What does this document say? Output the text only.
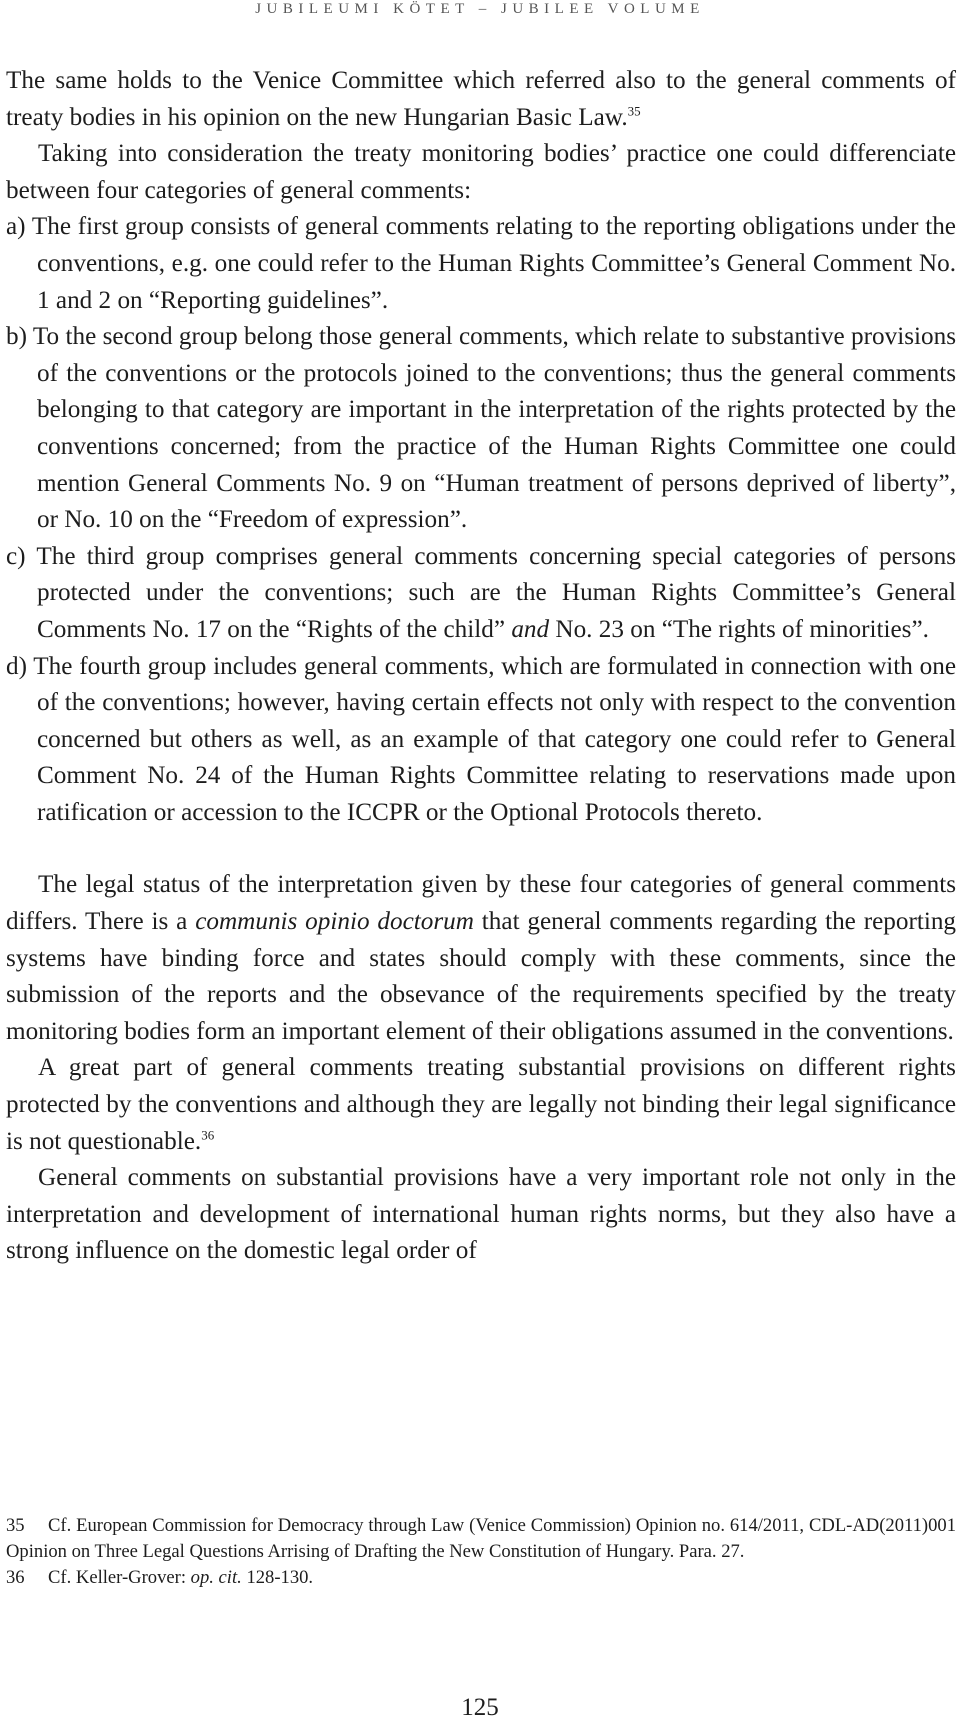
JUBILEUMI KÖTET – JUBILEE VOLUME

The same holds to the Venice Committee which referred also to the general comments of treaty bodies in his opinion on the new Hungarian Basic Law.$^{35}$

Taking into consideration the treaty monitoring bodies’ practice one could differenciate between four categories of general comments:

a) The first group consists of general comments relating to the reporting obligations under the conventions, e.g. one could refer to the Human Rights Committee’s General Comment No. 1 and 2 on “Reporting guidelines”.

b) To the second group belong those general comments, which relate to substantive provisions of the conventions or the protocols joined to the conventions; thus the general comments belonging to that category are important in the interpretation of the rights protected by the conventions concerned; from the practice of the Human Rights Committee one could mention General Comments No. 9 on “Human treatment of persons deprived of liberty”, or No. 10 on the “Freedom of expression”.

c) The third group comprises general comments concerning special categories of persons protected under the conventions; such are the Human Rights Committee’s General Comments No. 17 on the “Rights of the child” and No. 23 on “The rights of minorities”.

d) The fourth group includes general comments, which are formulated in connection with one of the conventions; however, having certain effects not only with respect to the convention concerned but others as well, as an example of that category one could refer to General Comment No. 24 of the Human Rights Committee relating to reservations made upon ratification or accession to the ICCPR or the Optional Protocols thereto.

The legal status of the interpretation given by these four categories of general comments differs. There is a communis opinio doctorum that general comments regarding the reporting systems have binding force and states should comply with these comments, since the submission of the reports and the obsevance of the requirements specified by the treaty monitoring bodies form an important element of their obligations assumed in the conventions.

A great part of general comments treating substantial provisions on different rights protected by the conventions and although they are legally not binding their legal significance is not questionable.$^{36}$

General comments on substantial provisions have a very important role not only in the interpretation and development of international human rights norms, but they also have a strong influence on the domestic legal order of

35 Cf. European Commission for Democracy through Law (Venice Commission) Opinion no. 614/2011, CDL-AD(2011)001 Opinion on Three Legal Questions Arrising of Drafting the New Constitution of Hungary. Para. 27.

36 Cf. Keller-Grover: op. cit. 128-130.

125
